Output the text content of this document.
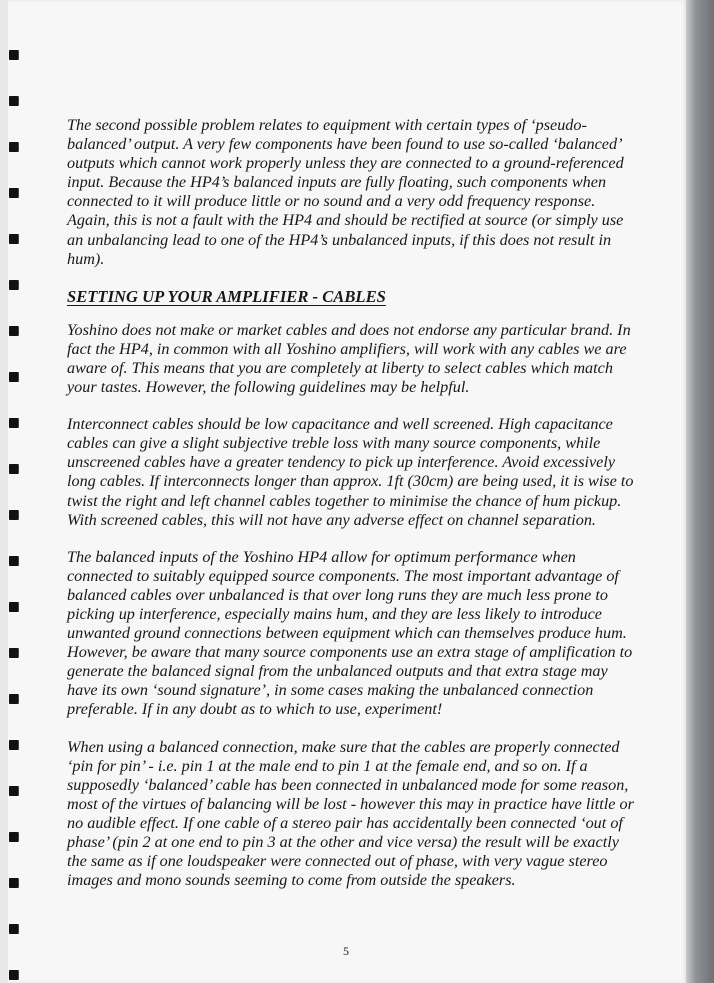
The second possible problem relates to equipment with certain types of ‘pseudo-balanced’ output. A very few components have been found to use so-called ‘balanced’ outputs which cannot work properly unless they are connected to a ground-referenced input. Because the HP4’s balanced inputs are fully floating, such components when connected to it will produce little or no sound and a very odd frequency response. Again, this is not a fault with the HP4 and should be rectified at source (or simply use an unbalancing lead to one of the HP4’s unbalanced inputs, if this does not result in hum).

SETTING UP YOUR AMPLIFIER - CABLES

Yoshino does not make or market cables and does not endorse any particular brand. In fact the HP4, in common with all Yoshino amplifiers, will work with any cables we are aware of. This means that you are completely at liberty to select cables which match your tastes. However, the following guidelines may be helpful.

Interconnect cables should be low capacitance and well screened. High capacitance cables can give a slight subjective treble loss with many source components, while unscreened cables have a greater tendency to pick up interference. Avoid excessively long cables. If interconnects longer than approx. 1ft (30cm) are being used, it is wise to twist the right and left channel cables together to minimise the chance of hum pickup. With screened cables, this will not have any adverse effect on channel separation.

The balanced inputs of the Yoshino HP4 allow for optimum performance when connected to suitably equipped source components. The most important advantage of balanced cables over unbalanced is that over long runs they are much less prone to picking up interference, especially mains hum, and they are less likely to introduce unwanted ground connections between equipment which can themselves produce hum. However, be aware that many source components use an extra stage of amplification to generate the balanced signal from the unbalanced outputs and that extra stage may have its own ‘sound signature’, in some cases making the unbalanced connection preferable. If in any doubt as to which to use, experiment!

When using a balanced connection, make sure that the cables are properly connected ‘pin for pin’ - i.e. pin 1 at the male end to pin 1 at the female end, and so on. If a supposedly ‘balanced’ cable has been connected in unbalanced mode for some reason, most of the virtues of balancing will be lost - however this may in practice have little or no audible effect. If one cable of a stereo pair has accidentally been connected ‘out of phase’ (pin 2 at one end to pin 3 at the other and vice versa) the result will be exactly the same as if one loudspeaker were connected out of phase, with very vague stereo images and mono sounds seeming to come from outside the speakers.

5
